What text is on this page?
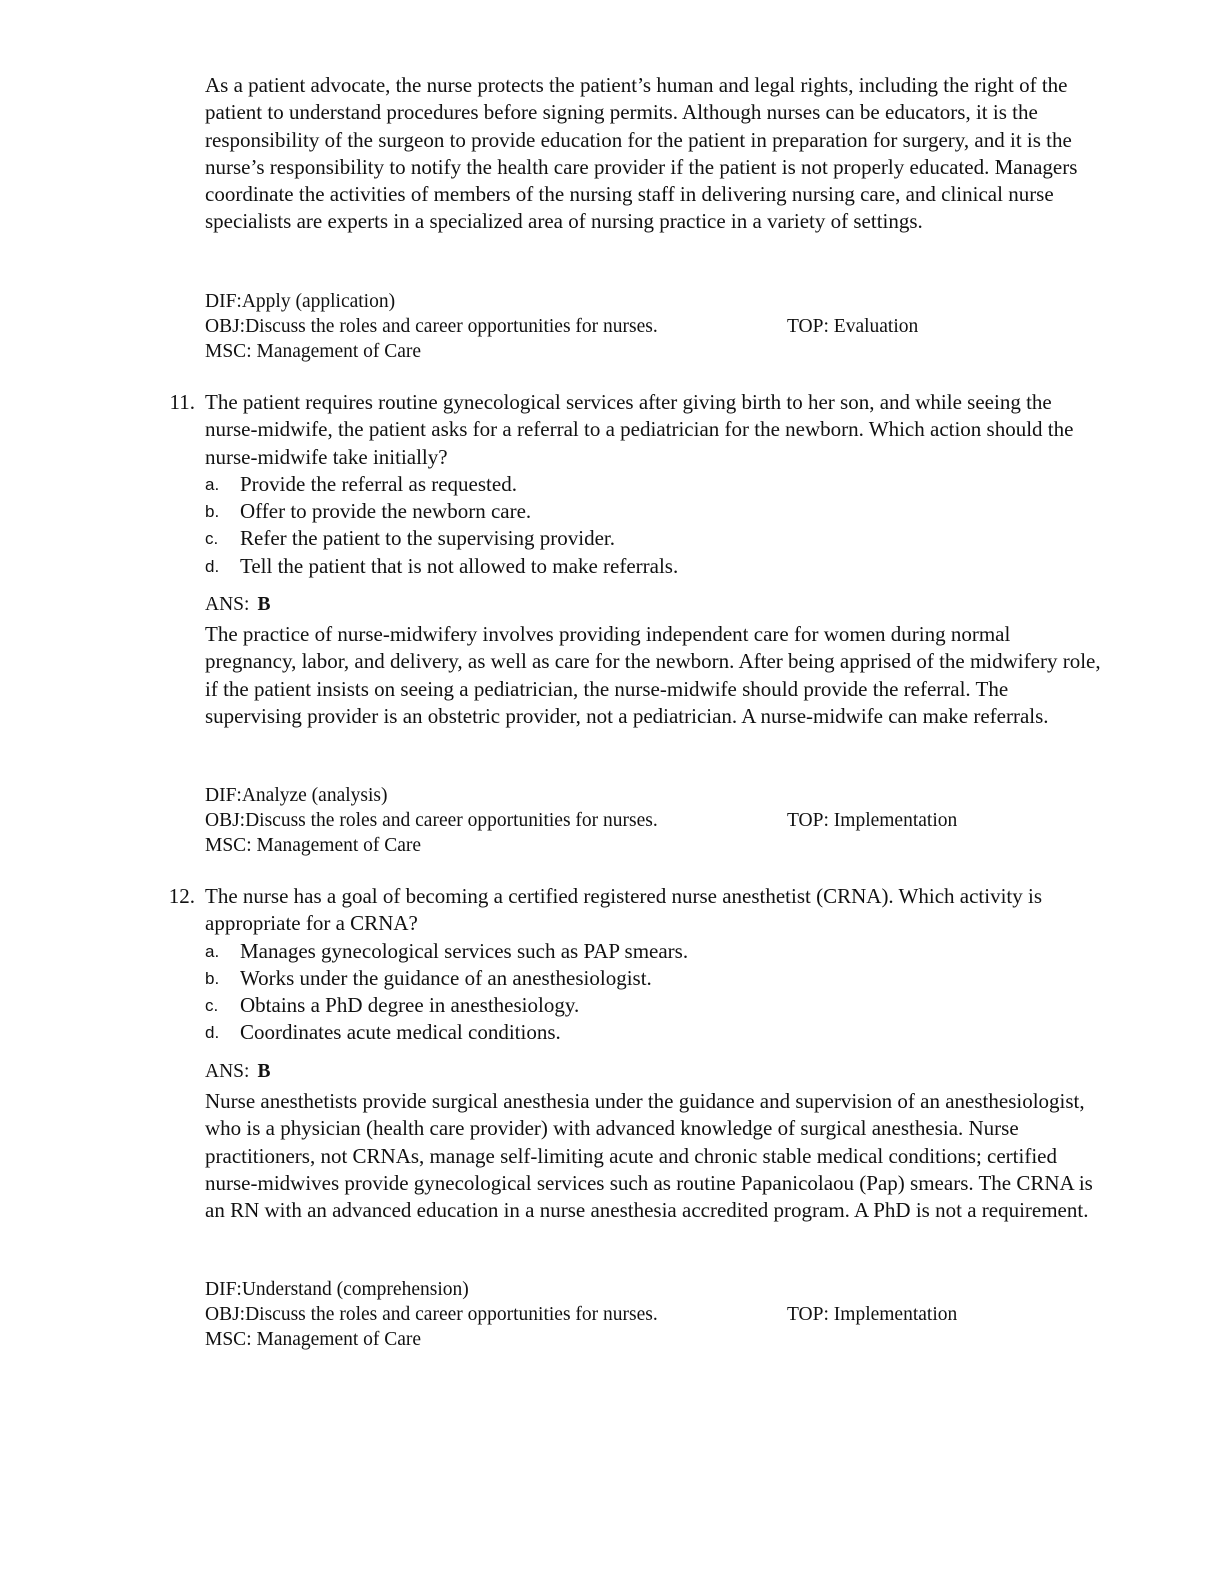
As a patient advocate, the nurse protects the patient’s human and legal rights, including the right of the patient to understand procedures before signing permits. Although nurses can be educators, it is the responsibility of the surgeon to provide education for the patient in preparation for surgery, and it is the nurse’s responsibility to notify the health care provider if the patient is not properly educated. Managers coordinate the activities of members of the nursing staff in delivering nursing care, and clinical nurse specialists are experts in a specialized area of nursing practice in a variety of settings.

DIF:Apply (application)
OBJ:Discuss the roles and career opportunities for nurses.	TOP: Evaluation
MSC: Management of Care
11. The patient requires routine gynecological services after giving birth to her son, and while seeing the nurse-midwife, the patient asks for a referral to a pediatrician for the newborn. Which action should the nurse-midwife take initially?
a. Provide the referral as requested.
b. Offer to provide the newborn care.
c. Refer the patient to the supervising provider.
d. Tell the patient that is not allowed to make referrals.
ANS: B

The practice of nurse-midwifery involves providing independent care for women during normal pregnancy, labor, and delivery, as well as care for the newborn. After being apprised of the midwifery role, if the patient insists on seeing a pediatrician, the nurse-midwife should provide the referral. The supervising provider is an obstetric provider, not a pediatrician. A nurse-midwife can make referrals.

DIF:Analyze (analysis)
OBJ:Discuss the roles and career opportunities for nurses.	TOP: Implementation
MSC: Management of Care
12. The nurse has a goal of becoming a certified registered nurse anesthetist (CRNA). Which activity is appropriate for a CRNA?
a. Manages gynecological services such as PAP smears.
b. Works under the guidance of an anesthesiologist.
c. Obtains a PhD degree in anesthesiology.
d. Coordinates acute medical conditions.
ANS: B

Nurse anesthetists provide surgical anesthesia under the guidance and supervision of an anesthesiologist, who is a physician (health care provider) with advanced knowledge of surgical anesthesia. Nurse practitioners, not CRNAs, manage self-limiting acute and chronic stable medical conditions; certified nurse-midwives provide gynecological services such as routine Papanicolaou (Pap) smears. The CRNA is an RN with an advanced education in a nurse anesthesia accredited program. A PhD is not a requirement.

DIF:Understand (comprehension)
OBJ:Discuss the roles and career opportunities for nurses.	TOP: Implementation
MSC: Management of Care
